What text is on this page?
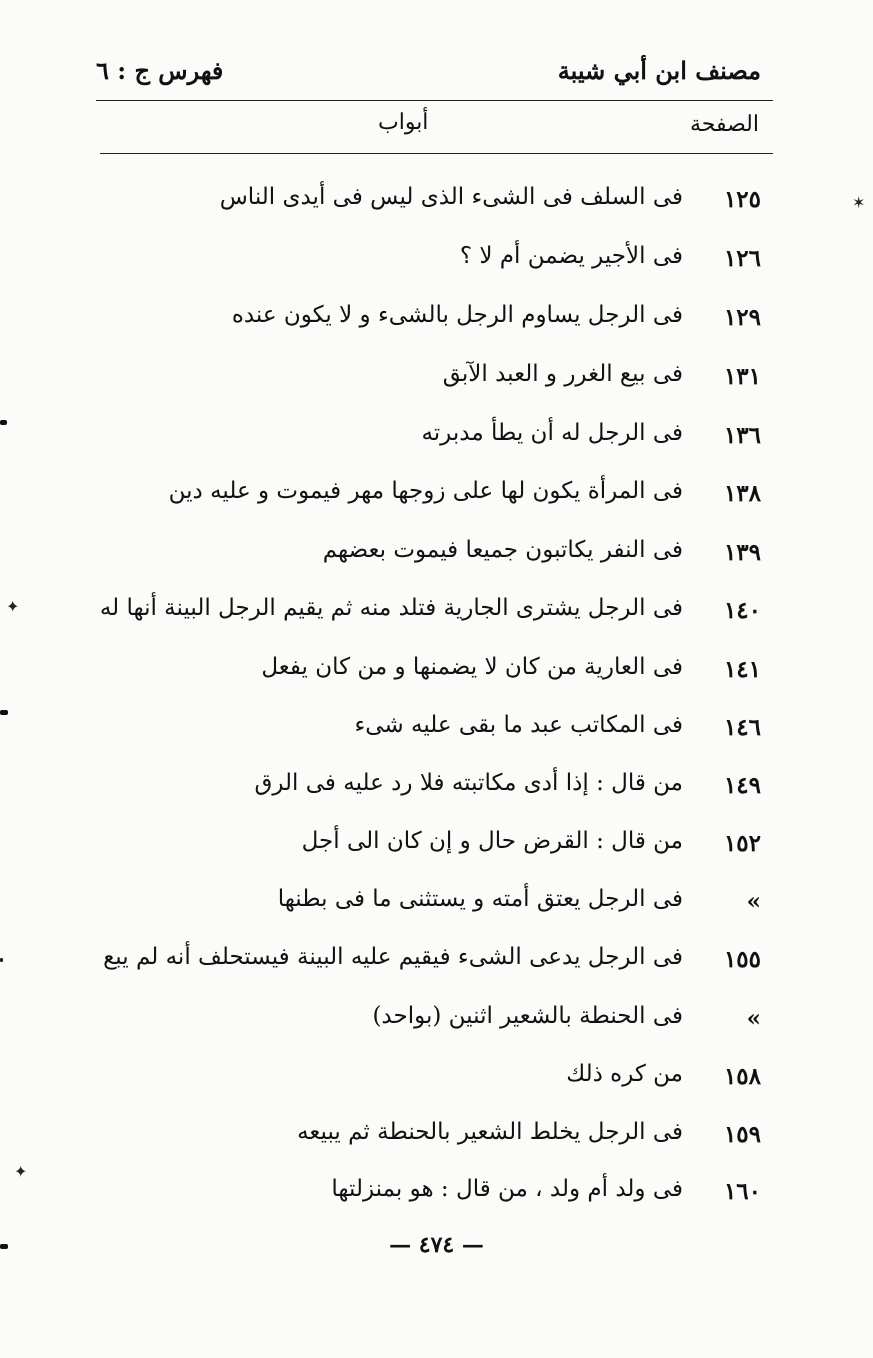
مصنف ابن أبي شيبة
فهرس ج : ٦
الصفحة
أبواب
١٢٥
فى السلف فى الشىء الذى ليس فى أيدى الناس
١٢٦
فى الأجير يضمن أم لا ؟
١٢٩
فى الرجل يساوم الرجل بالشىء و لا يكون عنده
١٣١
فى بيع الغرر و العبد الآبق
١٣٦
فى الرجل له أن يطأ مدبرته
١٣٨
فى المرأة يكون لها على زوجها مهر فيموت و عليه دين
١٣٩
فى النفر يكاتبون جميعا فيموت بعضهم
١٤٠
فى الرجل يشترى الجارية فتلد منه ثم يقيم الرجل البينة أنها له
١٤١
فى العارية من كان لا يضمنها و من كان يفعل
١٤٦
فى المكاتب عبد ما بقى عليه شىء
١٤٩
من قال : إذا أدى مكاتبته فلا رد عليه فى الرق
١٥٢
من قال : القرض حال و إن كان الى أجل
»
فى الرجل يعتق أمته و يستثنى ما فى بطنها
١٥٥
فى الرجل يدعى الشىء فيقيم عليه البينة فيستحلف أنه لم يبع
»
فى الحنطة بالشعير اثنين (بواحد)
١٥٨
من كره ذلك
١٥٩
فى الرجل يخلط الشعير بالحنطة ثم يبيعه
١٦٠
فى ولد أم ولد ، من قال : هو بمنزلتها
— ٤٧٤ —
✶
✦
✦
